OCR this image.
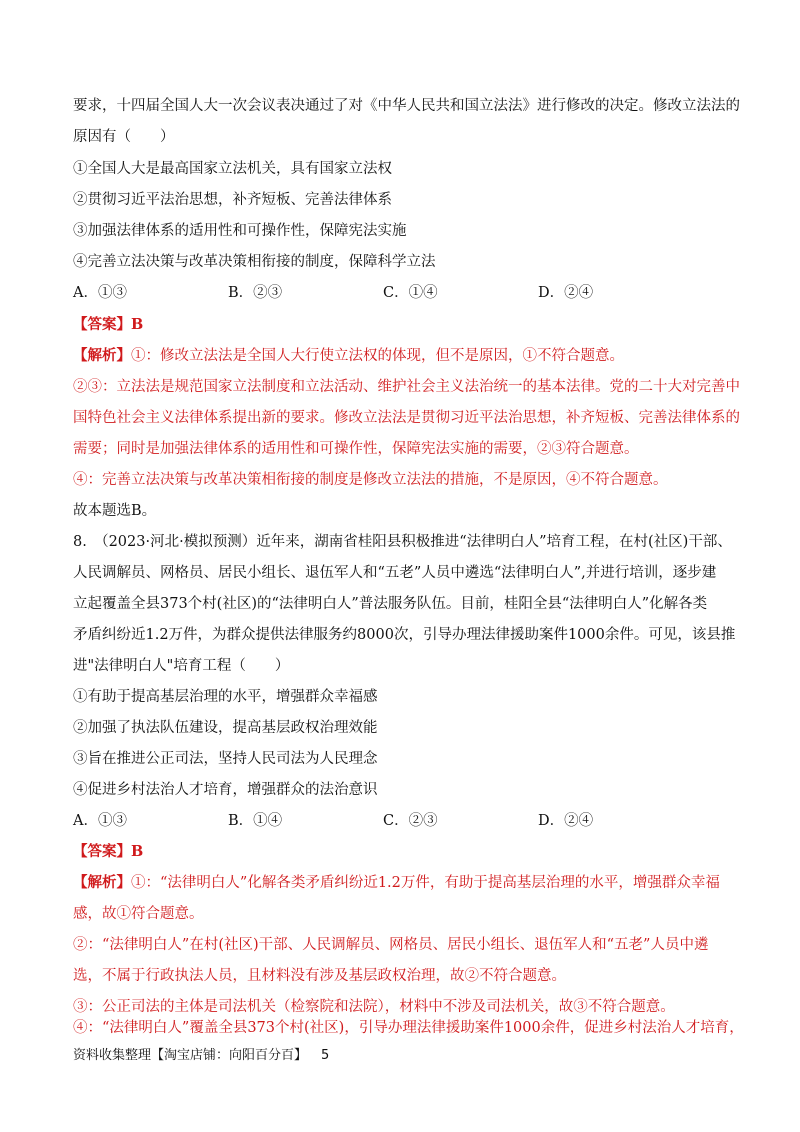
要求，十四届全国人大一次会议表决通过了对《中华人民共和国立法法》进行修改的决定。修改立法法的
原因有（　　）
①全国人大是最高国家立法机关，具有国家立法权
②贯彻习近平法治思想，补齐短板、完善法律体系
③加强法律体系的适用性和可操作性，保障宪法实施
④完善立法决策与改革决策相衔接的制度，保障科学立法
A．①③	B．②③	C．①④	D．②④
【答案】B
【解析】①：修改立法法是全国人大行使立法权的体现，但不是原因，①不符合题意。
②③：立法法是规范国家立法制度和立法活动、维护社会主义法治统一的基本法律。党的二十大对完善中
国特色社会主义法律体系提出新的要求。修改立法法是贯彻习近平法治思想，补齐短板、完善法律体系的
需要；同时是加强法律体系的适用性和可操作性，保障宪法实施的需要，②③符合题意。
④：完善立法决策与改革决策相衔接的制度是修改立法法的措施，不是原因，④不符合题意。
故本题选B。
8.　（2023·河北·模拟预测）近年来，湖南省桂阳县积极推进“法律明白人”培育工程，在村(社区)干部、
人民调解员、网格员、居民小组长、退伍军人和“五老”人员中遴选“法律明白人”,并进行培训，逐步建
立起覆盖全县373个村(社区)的“法律明白人”普法服务队伍。目前，桂阳全县“法律明白人”化解各类
矛盾纠纷近1.2万件，为群众提供法律服务约8000次，引导办理法律援助案件1000余件。可见，该县推
进"法律明白人"培育工程（　　）
①有助于提高基层治理的水平，增强群众幸福感
②加强了执法队伍建设，提高基层政权治理效能
③旨在推进公正司法，坚持人民司法为人民理念
④促进乡村法治人才培育，增强群众的法治意识
A．①③	B．①④	C．②③	D．②④
【答案】B
【解析】①：“法律明白人”化解各类矛盾纠纷近1.2万件，有助于提高基层治理的水平，增强群众幸福
感，故①符合题意。
②：“法律明白人”在村(社区)干部、人民调解员、网格员、居民小组长、退伍军人和“五老”人员中遴
选，不属于行政执法人员，且材料没有涉及基层政权治理，故②不符合题意。
③：公正司法的主体是司法机关（检察院和法院），材料中不涉及司法机关，故③不符合题意。
④：“法律明白人”覆盖全县373个村(社区)，引导办理法律援助案件1000余件，促进乡村法治人才培育，
资料收集整理【淘宝店铺：向阳百分百】 5
